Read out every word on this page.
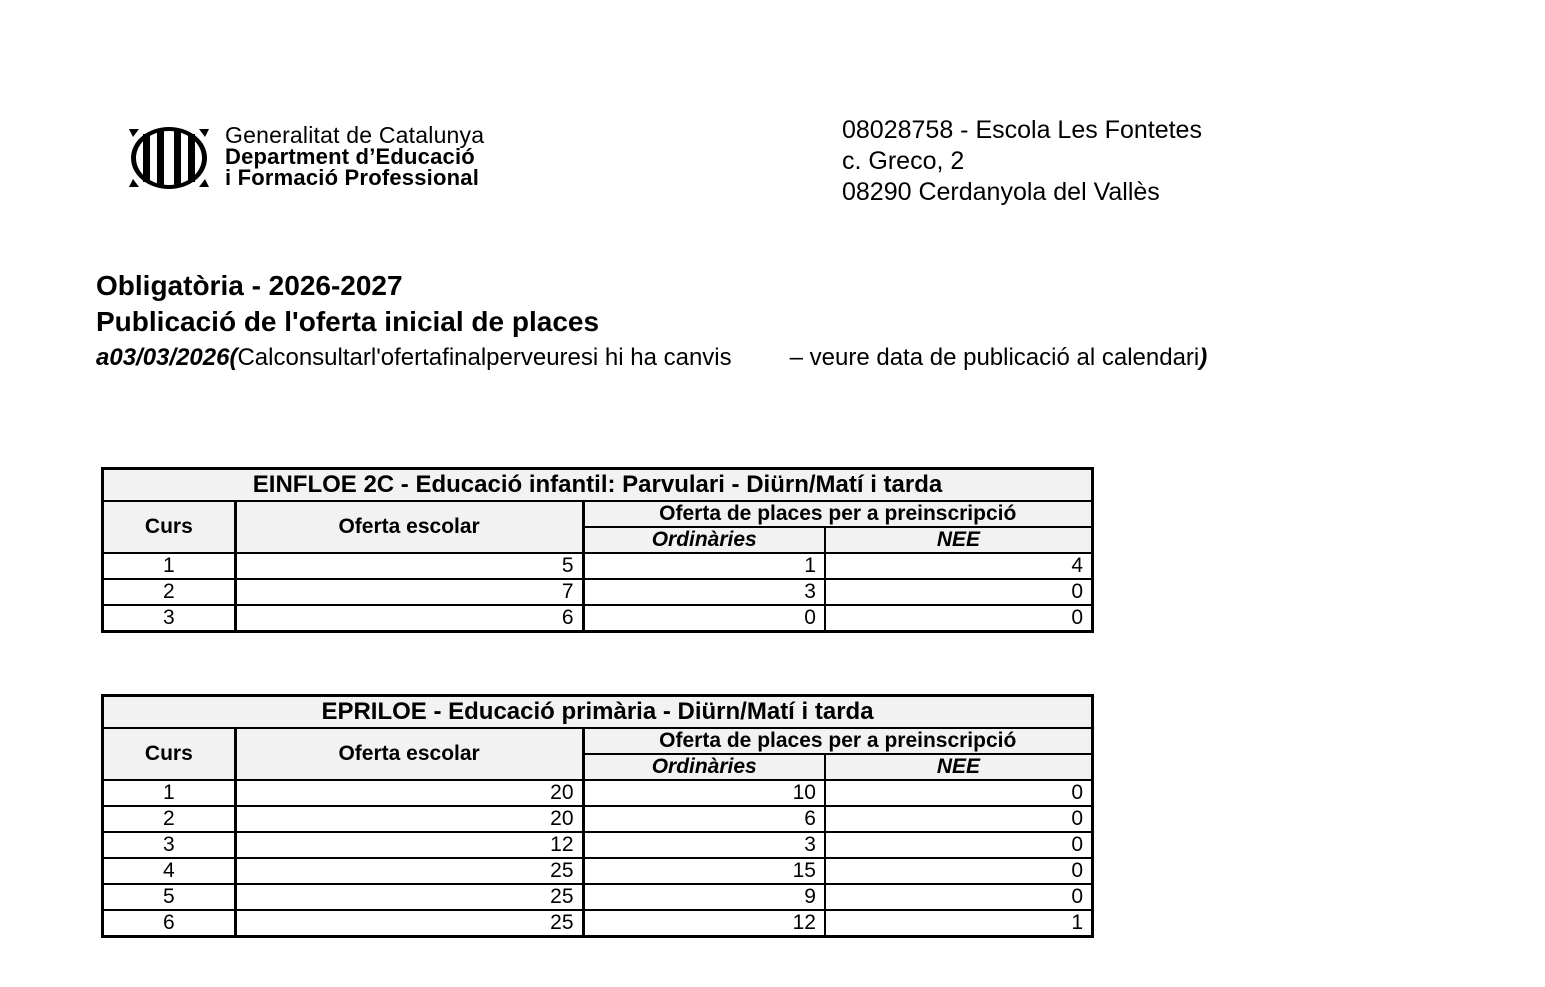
Generalitat de Catalunya
Department d’Educació
i Formació Professional
08028758 - Escola Les Fontetes
c. Greco, 2
08290 Cerdanyola del Vallès
Obligatòria - 2026-2027
Publicació de l'oferta inicial de places
a03/03/2026(Calconsultarl'ofertafinalperveuresi hi ha canvis – veure data de publicació al calendari)
EINFLOE 2C - Educació infantil: Parvulari - Diürn/Matí i tarda			
Curs	Oferta escolar	Oferta de places per a preinscripció	
		Ordinàries	NEE
1	5	1	4
2	7	3	0
3	6	0	0
EPRILOE - Educació primària - Diürn/Matí i tarda			
Curs	Oferta escolar	Oferta de places per a preinscripció	
		Ordinàries	NEE
1	20	10	0
2	20	6	0
3	12	3	0
4	25	15	0
5	25	9	0
6	25	12	1
